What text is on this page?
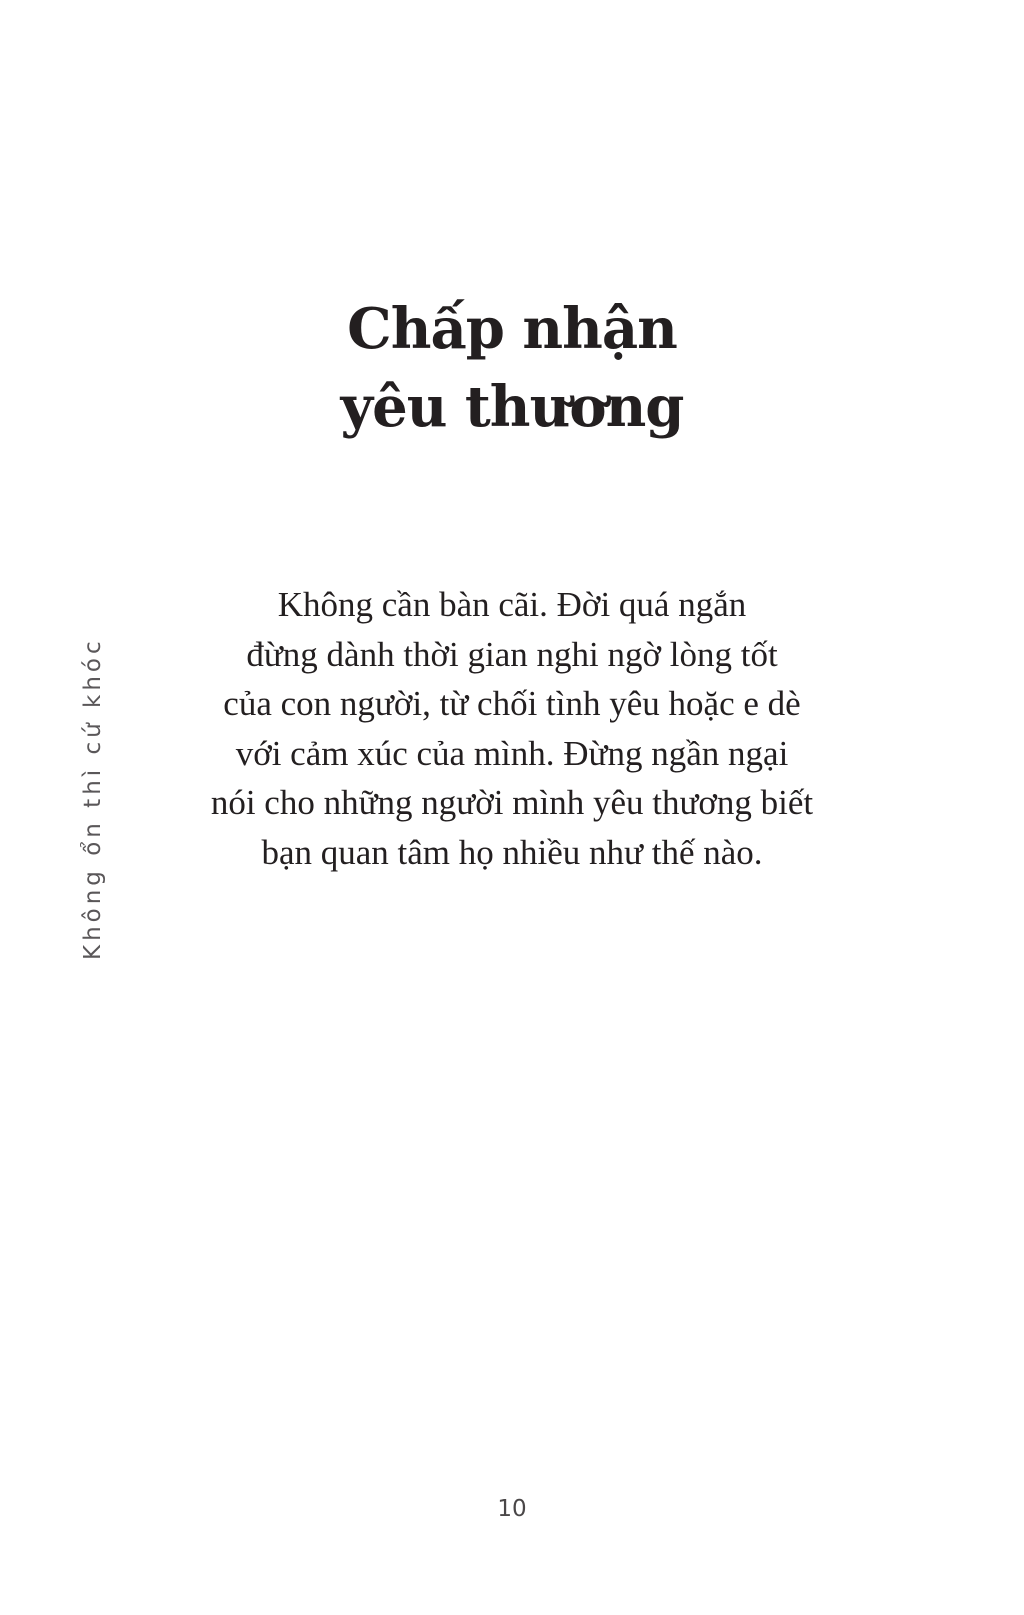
Không ổn thì cứ khóc
Chấp nhận
yêu thương
Không cần bàn cãi. Đời quá ngắn
đừng dành thời gian nghi ngờ lòng tốt
của con người, từ chối tình yêu hoặc e dè
với cảm xúc của mình. Đừng ngần ngại
nói cho những người mình yêu thương biết
bạn quan tâm họ nhiều như thế nào.
10
